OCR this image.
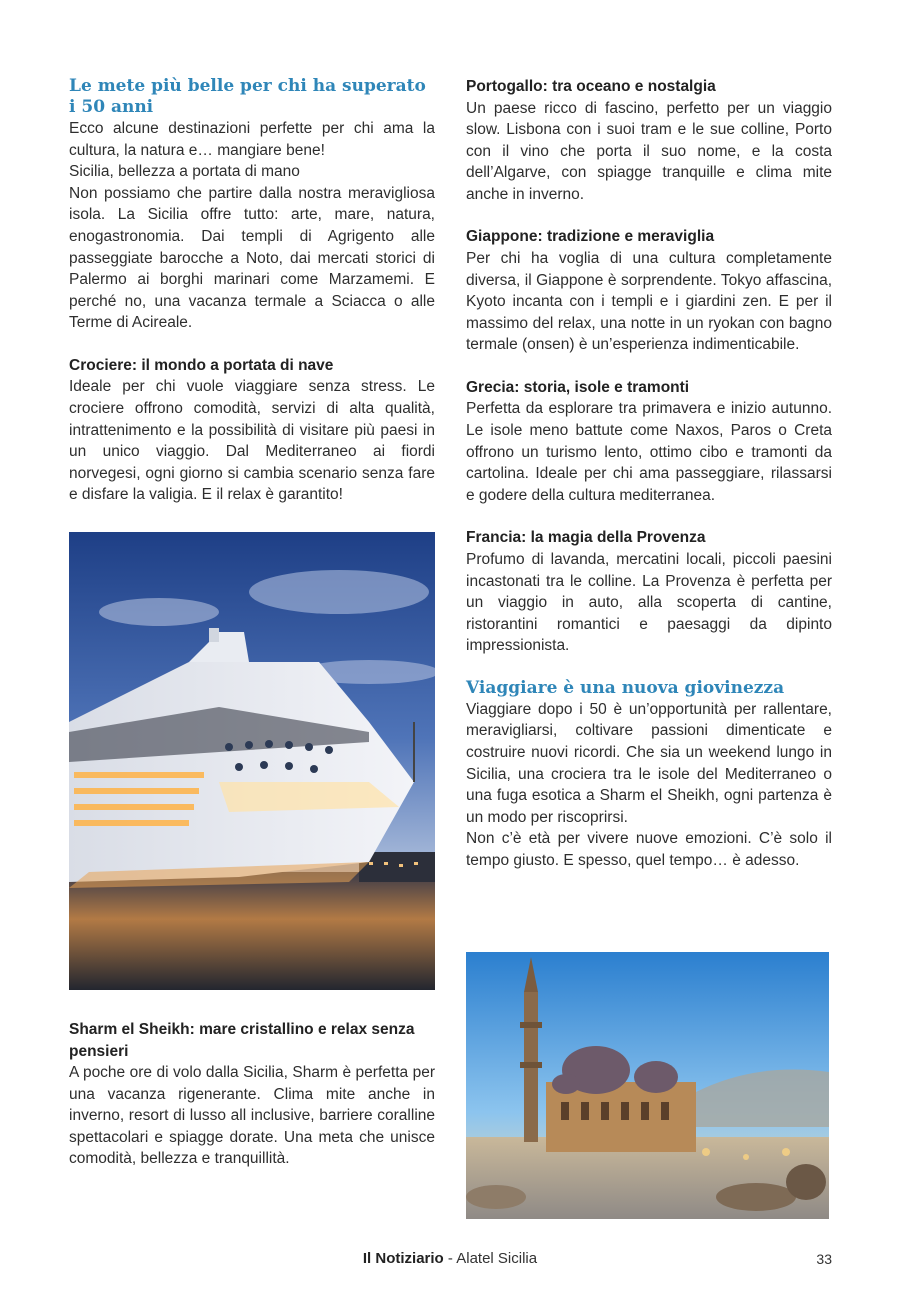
Le mete più belle per chi ha superato i 50 anni

Ecco alcune destinazioni perfette per chi ama la cultura, la natura e… mangiare bene!

Sicilia, bellezza a portata di mano

Non possiamo che partire dalla nostra meravigliosa isola. La Sicilia offre tutto: arte, mare, natura, enogastronomia. Dai templi di Agrigento alle passeggiate barocche a Noto, dai mercati storici di Palermo ai borghi marinari come Marzamemi. E perché no, una vacanza termale a Sciacca o alle Terme di Acireale.

Crociere: il mondo a portata di nave

Ideale per chi vuole viaggiare senza stress. Le crociere offrono comodità, servizi di alta qualità, intrattenimento e la possibilità di visitare più paesi in un unico viaggio. Dal Mediterraneo ai fiordi norvegesi, ogni giorno si cambia scenario senza fare e disfare la valigia. E il relax è garantito!

Sharm el Sheikh: mare cristallino e relax senza pensieri

A poche ore di volo dalla Sicilia, Sharm è perfetta per una vacanza rigenerante. Clima mite anche in inverno, resort di lusso all inclusive, barriere coralline spettacolari e spiagge dorate. Una meta che unisce comodità, bellezza e tranquillità.

Portogallo: tra oceano e nostalgia

Un paese ricco di fascino, perfetto per un viaggio slow. Lisbona con i suoi tram e le sue colline, Porto con il vino che porta il suo nome, e la costa dell’Algarve, con spiagge tranquille e clima mite anche in inverno.

Giappone: tradizione e meraviglia

Per chi ha voglia di una cultura completamente diversa, il Giappone è sorprendente. Tokyo affascina, Kyoto incanta con i templi e i giardini zen. E per il massimo del relax, una notte in un ryokan con bagno termale (onsen) è un’esperienza indimenticabile.

Grecia: storia, isole e tramonti

Perfetta da esplorare tra primavera e inizio autunno. Le isole meno battute come Naxos, Paros o Creta offrono un turismo lento, ottimo cibo e tramonti da cartolina. Ideale per chi ama passeggiare, rilassarsi e godere della cultura mediterranea.

Francia: la magia della Provenza

Profumo di lavanda, mercatini locali, piccoli paesini incastonati tra le colline. La Provenza è perfetta per un viaggio in auto, alla scoperta di cantine, ristorantini romantici e paesaggi da dipinto impressionista.

Viaggiare è una nuova giovinezza

Viaggiare dopo i 50 è un’opportunità per rallentare, meravigliarsi, coltivare passioni dimenticate e costruire nuovi ricordi. Che sia un weekend lungo in Sicilia, una crociera tra le isole del Mediterraneo o una fuga esotica a Sharm el Sheikh, ogni partenza è un modo per riscoprirsi.

Non c’è età per vivere nuove emozioni. C’è solo il tempo giusto. E spesso, quel tempo… è adesso.

Il Notiziario - Alatel Sicilia	33
